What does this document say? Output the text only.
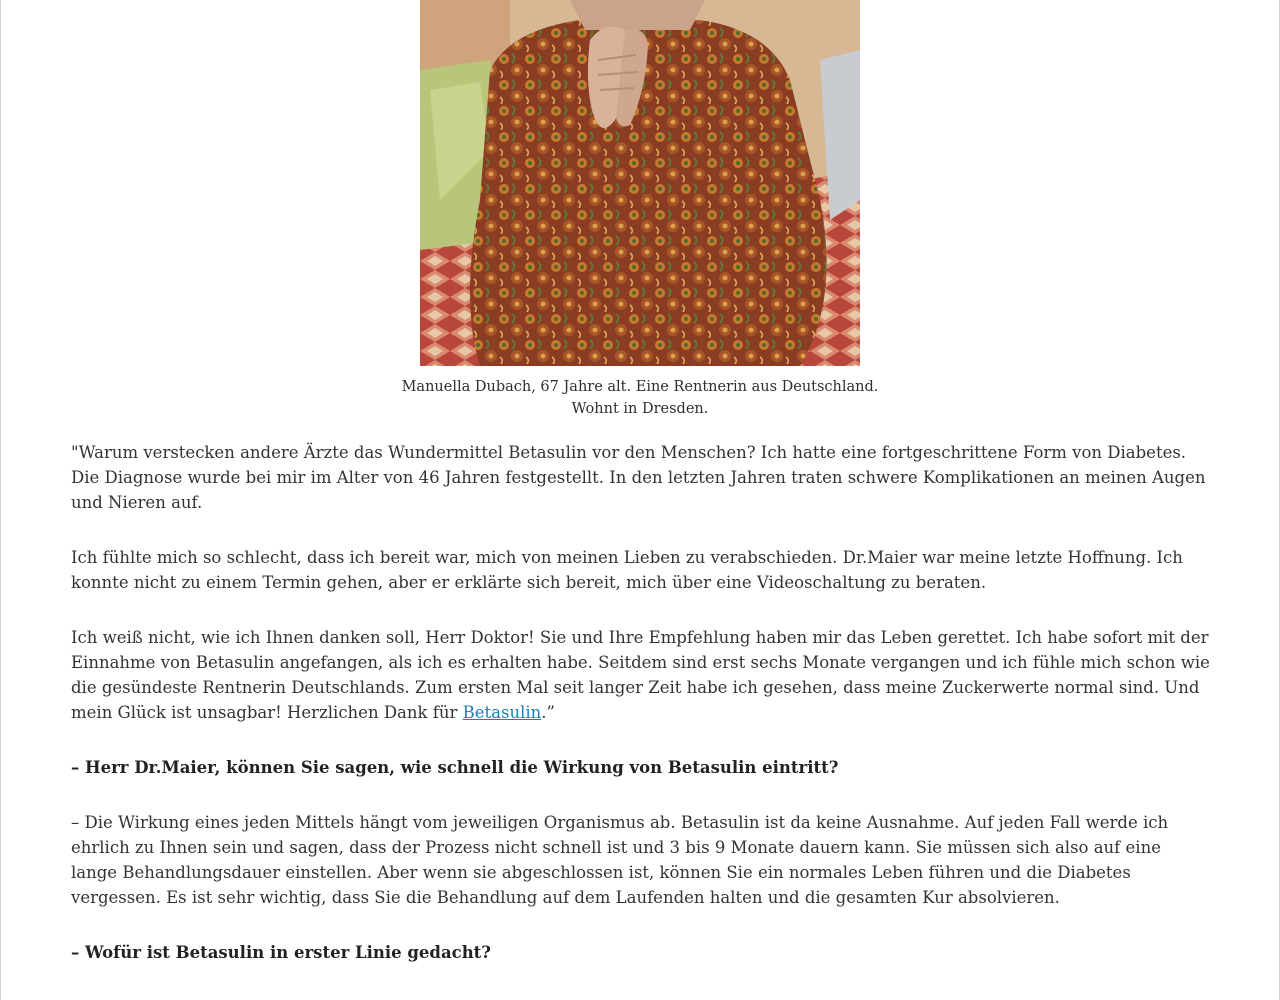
Manuella Dubach, 67 Jahre alt. Eine Rentnerin aus Deutschland. Wohnt in Dresden.

"Warum verstecken andere Ärzte das Wundermittel Betasulin vor den Menschen? Ich hatte eine fortgeschrittene Form von Diabetes. Die Diagnose wurde bei mir im Alter von 46 Jahren festgestellt. In den letzten Jahren traten schwere Komplikationen an meinen Augen und Nieren auf.

Ich fühlte mich so schlecht, dass ich bereit war, mich von meinen Lieben zu verabschieden. Dr.Maier war meine letzte Hoffnung. Ich konnte nicht zu einem Termin gehen, aber er erklärte sich bereit, mich über eine Videoschaltung zu beraten.

Ich weiß nicht, wie ich Ihnen danken soll, Herr Doktor! Sie und Ihre Empfehlung haben mir das Leben gerettet. Ich habe sofort mit der Einnahme von Betasulin angefangen, als ich es erhalten habe. Seitdem sind erst sechs Monate vergangen und ich fühle mich schon wie die gesündeste Rentnerin Deutschlands. Zum ersten Mal seit langer Zeit habe ich gesehen, dass meine Zuckerwerte normal sind. Und mein Glück ist unsagbar! Herzlichen Dank für Betasulin.”

– Herr Dr.Maier, können Sie sagen, wie schnell die Wirkung von Betasulin eintritt?

– Die Wirkung eines jeden Mittels hängt vom jeweiligen Organismus ab. Betasulin ist da keine Ausnahme. Auf jeden Fall werde ich ehrlich zu Ihnen sein und sagen, dass der Prozess nicht schnell ist und 3 bis 9 Monate dauern kann. Sie müssen sich also auf eine lange Behandlungsdauer einstellen. Aber wenn sie abgeschlossen ist, können Sie ein normales Leben führen und die Diabetes vergessen. Es ist sehr wichtig, dass Sie die Behandlung auf dem Laufenden halten und die gesamten Kur absolvieren.

– Wofür ist Betasulin in erster Linie gedacht?
